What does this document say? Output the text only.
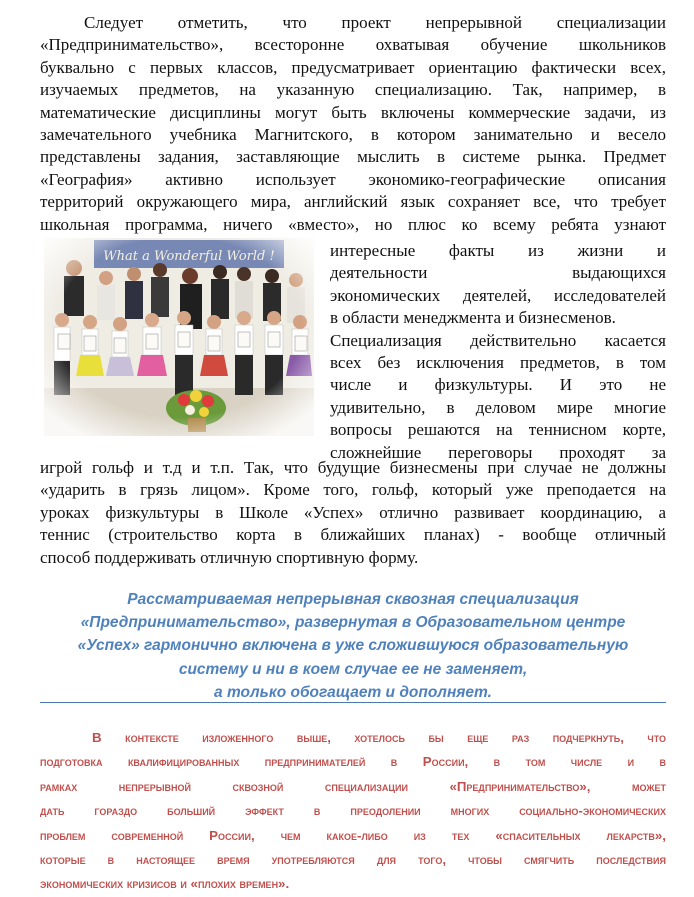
Следует отметить, что проект непрерывной специализации
«Предпринимательство», всесторонне охватывая обучение школьников
буквально с первых классов, предусматривает ориентацию фактически всех,
изучаемых предметов, на указанную специализацию. Так, например, в
математические дисциплины могут быть включены коммерческие задачи, из
замечательного учебника Магнитского, в котором занимательно и весело
представлены задания, заставляющие мыслить в системе рынка. Предмет
«География» активно использует экономико-географические описания
территорий окружающего мира, английский язык сохраняет все, что требует
школьная программа, ничего «вместо», но плюс ко всему ребята узнают

интересные факты из жизни и
деятельности выдающихся
экономических деятелей, исследователей
в области менеджмента и бизнесменов.
Специализация действительно касается
всех без исключения предметов, в том
числе и физкультуры. И это не
удивительно, в деловом мире многие
вопросы решаются на теннисном корте,
сложнейшие переговоры проходят за
игрой гольф и т.д и т.п. Так, что будущие бизнесмены при случае не должны
«ударить в грязь лицом». Кроме того, гольф, который уже преподается на
уроках физкультуры в Школе «Успех» отлично развивает координацию, а
теннис (строительство корта в ближайших планах) - вообще отличный
способ поддерживать отличную спортивную форму.
Рассматриваемая непрерывная сквозная специализация
«Предпринимательство», развернутая в Образовательном центре
«Успех» гармонично включена в уже сложившуюся образовательную
систему и ни в коем случае ее не заменяет,
а только обогащает и дополняет.
В контексте изложенного выше, хотелось бы еще раз подчеркнуть, что
подготовка квалифицированных предпринимателей в России, в том числе и в
рамках непрерывной сквозной специализации «Предпринимательство», может
дать гораздо больший эффект в преодолении многих социально-экономических
проблем современной России, чем какое-либо из тех «спасительных лекарств»,
которые в настоящее время употребляются для того, чтобы смягчить последствия
экономических кризисов и «плохих времен».
